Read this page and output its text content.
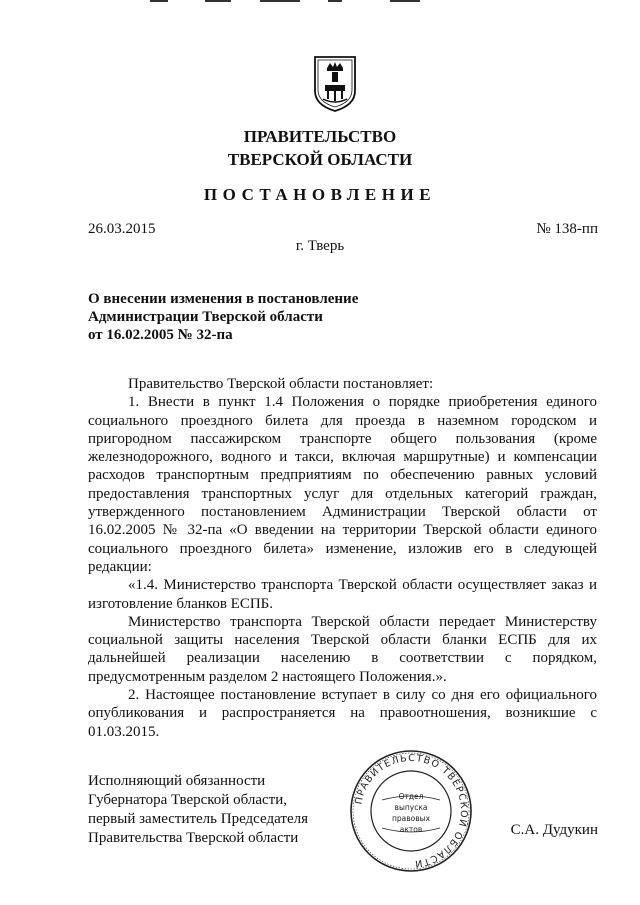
ПРАВИТЕЛЬСТВО
ТВЕРСКОЙ ОБЛАСТИ
ПОСТАНОВЛЕНИЕ
26.03.2015	№ 138-пп
г. Тверь
О внесении изменения в постановление
Администрации Тверской области
от 16.02.2005 № 32-па

Правительство Тверской области постановляет:

1. Внести в пункт 1.4 Положения о порядке приобретения единого социального проездного билета для проезда в наземном городском и пригородном пассажирском транспорте общего пользования (кроме железнодорожного, водного и такси, включая маршрутные) и компенсации расходов транспортным предприятиям по обеспечению равных условий предоставления транспортных услуг для отдельных категорий граждан, утвержденного постановлением Администрации Тверской области от 16.02.2005 № 32-па «О введении на территории Тверской области единого социального проездного билета» изменение, изложив его в следующей редакции:

«1.4. Министерство транспорта Тверской области осуществляет заказ и изготовление бланков ЕСПБ.

Министерство транспорта Тверской области передает Министерству социальной защиты населения Тверской области бланки ЕСПБ для их дальнейшей реализации населению в соответствии с порядком, предусмотренным разделом 2 настоящего Положения.».

2. Настоящее постановление вступает в силу со дня его официального опубликования и распространяется на правоотношения, возникшие с 01.03.2015.

Исполняющий обязанности
Губернатора Тверской области,
первый заместитель Председателя
Правительства Тверской области	С.А. Дудукин
ПРАВИТЕЛЬСТВО ТВЕРСКОЙ ОБЛАСТИ
Отдел
выпуска
правовых
актов
